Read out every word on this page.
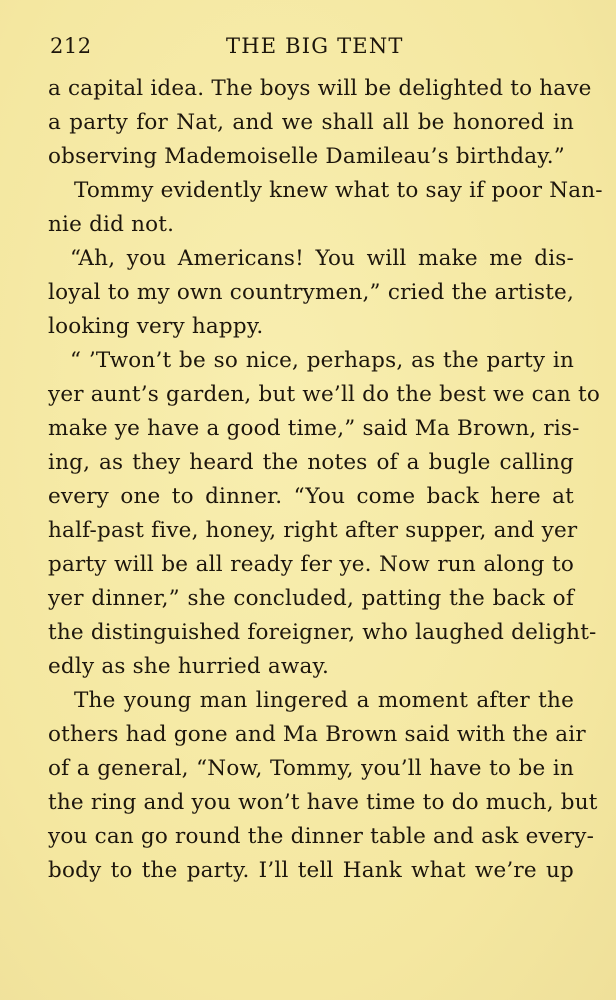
212	THE BIG TENT
a capital idea. The boys will be delighted to have
a party for Nat, and we shall all be honored in
observing Mademoiselle Damileau’s birthday.”
Tommy evidently knew what to say if poor Nan-
nie did not.
“Ah, you Americans! You will make me dis-
loyal to my own countrymen,” cried the artiste,
looking very happy.
“ ’Twon’t be so nice, perhaps, as the party in
yer aunt’s garden, but we’ll do the best we can to
make ye have a good time,” said Ma Brown, ris-
ing, as they heard the notes of a bugle calling
every one to dinner. “You come back here at
half-past five, honey, right after supper, and yer
party will be all ready fer ye. Now run along to
yer dinner,” she concluded, patting the back of
the distinguished foreigner, who laughed delight-
edly as she hurried away.
The young man lingered a moment after the
others had gone and Ma Brown said with the air
of a general, “Now, Tommy, you’ll have to be in
the ring and you won’t have time to do much, but
you can go round the dinner table and ask every-
body to the party. I’ll tell Hank what we’re up
